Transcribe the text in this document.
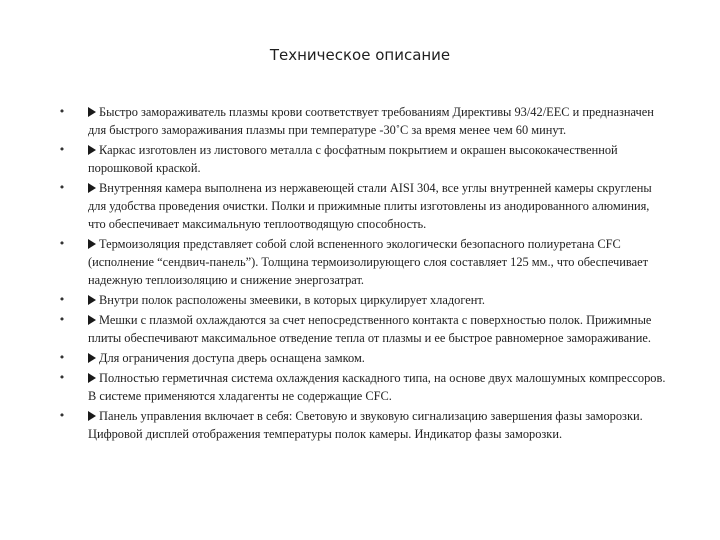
Техническое описание
•	Быстро замораживатель плазмы крови соответствует требованиям Директивы 93/42/ЕЕС и предназначен для быстрого замораживания плазмы при температуре -30˚С за время менее чем 60 минут.
•	Каркас изготовлен из листового металла с фосфатным покрытием и окрашен высококачественной порошковой краской.
•	Внутренняя камера выполнена из нержавеющей стали AISI 304, все углы внутренней камеры скруглены для удобства проведения очистки. Полки и прижимные плиты изготовлены из анодированного алюминия, что обеспечивает максимальную теплоотводящую способность.
•	Термоизоляция представляет собой слой вспененного экологически безопасного полиуретана CFC (исполнение “сендвич-панель”). Толщина термоизолирующего слоя составляет 125 мм., что обеспечивает надежную теплоизоляцию и снижение энергозатрат.
•	Внутри полок расположены змеевики, в которых циркулирует хладогент.
•	Мешки с плазмой охлаждаются за счет непосредственного контакта с поверхностью полок. Прижимные плиты обеспечивают максимальное отведение тепла от плазмы и ее быстрое равномерное замораживание.
•	Для ограничения доступа дверь оснащена замком.
•	Полностью герметичная система охлаждения каскадного типа, на основе двух малошумных компрессоров. В системе применяются хладагенты не содержащие CFC.
•	Панель управления включает в себя: Световую и звуковую сигнализацию завершения фазы заморозки. Цифровой дисплей отображения температуры полок камеры. Индикатор фазы заморозки.
